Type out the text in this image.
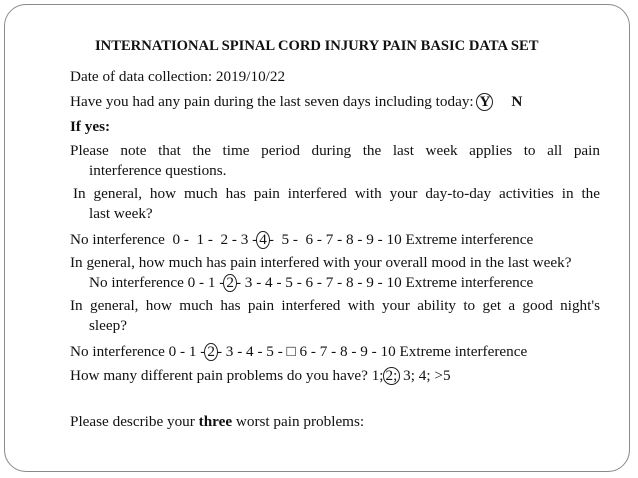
INTERNATIONAL SPINAL CORD INJURY PAIN BASIC DATA SET
Date of data collection: 2019/10/22
Have you had any pain during the last seven days including today: Y N
If yes:
Please note that the time period during the last week applies to all pain
interference questions.
In general, how much has pain interfered with your day-to-day activities in the
last week?
No interference  0 -  1 -  2 - 3 - 4 -  5 -  6 - 7 - 8 - 9 - 10 Extreme interference
In general, how much has pain interfered with your overall mood in the last week?
No interference 0 - 1 - 2 - 3 - 4 - 5 - 6 - 7 - 8 - 9 - 10 Extreme interference
In general, how much has pain interfered with your ability to get a good night's
sleep?
No interference 0 - 1 - 2 - 3 - 4 - 5 - □ 6 - 7 - 8 - 9 - 10 Extreme interference
How many different pain problems do you have? 1; 2; 3; 4; >5
Please describe your three worst pain problems:
